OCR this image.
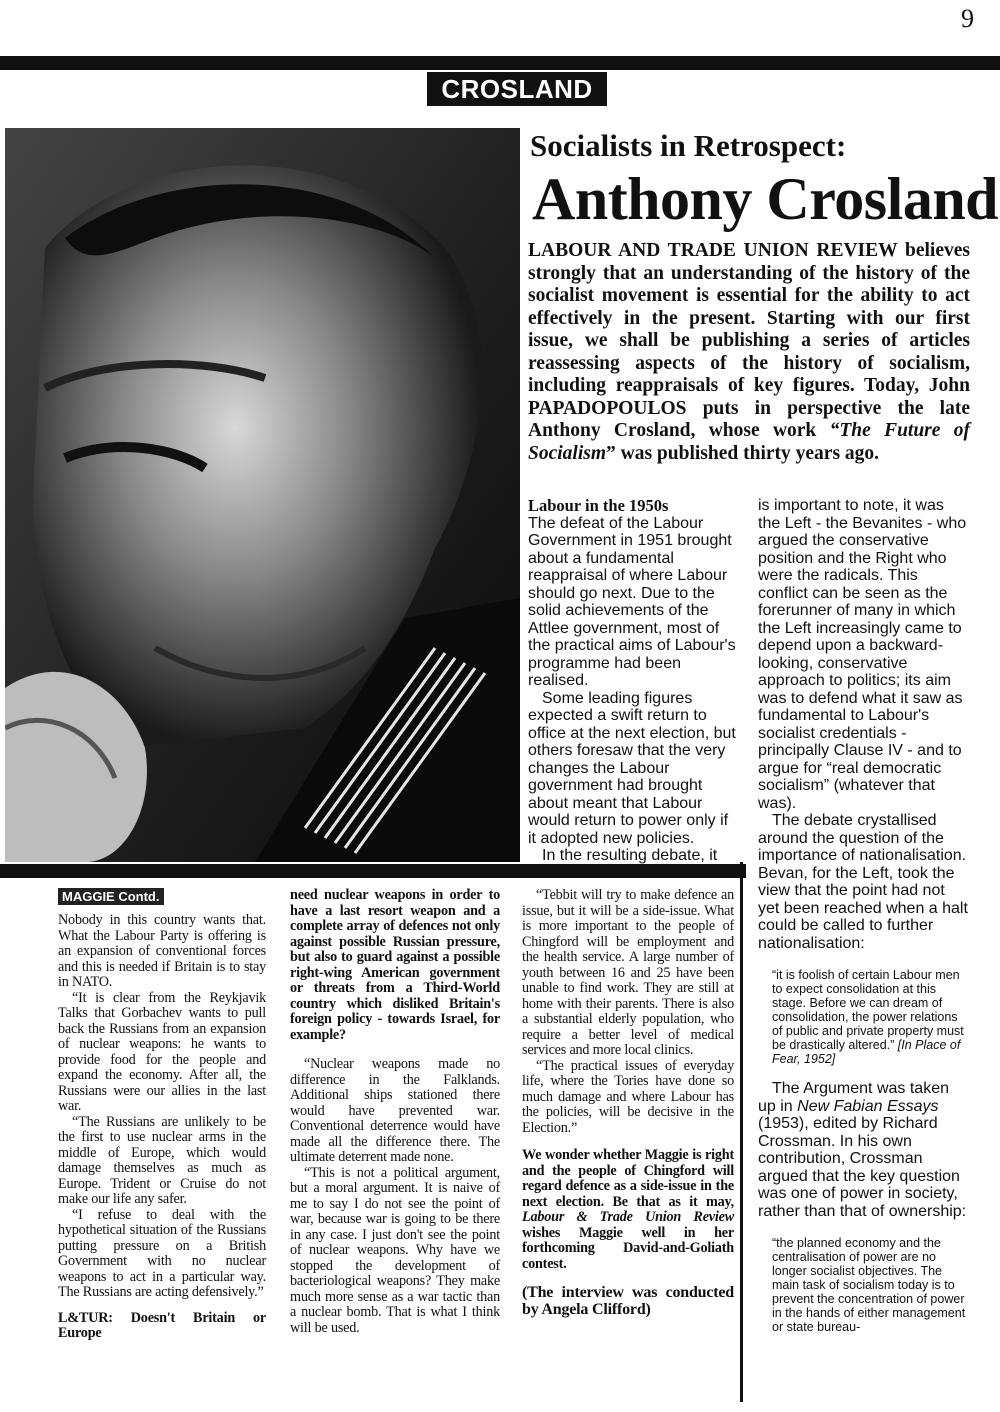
9
CROSLAND
Socialists in Retrospect:
Anthony Crosland
LABOUR AND TRADE UNION REVIEW believes strongly that an understanding of the history of the socialist movement is essential for the ability to act effectively in the present. Starting with our first issue, we shall be publishing a series of articles reassessing aspects of the history of socialism, including reappraisals of key figures. Today, John PAPADOPOULOS puts in perspective the late Anthony Crosland, whose work “The Future of Socialism” was published thirty years ago.

Labour in the 1950s

The defeat of the Labour Government in 1951 brought about a fundamental reappraisal of where Labour should go next. Due to the solid achievements of the Attlee government, most of the practical aims of Labour's programme had been realised.

Some leading figures expected a swift return to office at the next election, but others foresaw that the very changes the Labour government had brought about meant that Labour would return to power only if it adopted new policies.

In the resulting debate, it

is important to note, it was the Left - the Bevanites - who argued the conservative position and the Right who were the radicals. This conflict can be seen as the forerunner of many in which the Left increasingly came to depend upon a backward-looking, conservative approach to politics; its aim was to defend what it saw as fundamental to Labour's socialist credentials - principally Clause IV - and to argue for “real democratic socialism” (whatever that was).

The debate crystallised around the question of the importance of nationalisation. Bevan, for the Left, took the view that the point had not yet been reached when a halt could be called to further nationalisation:

“it is foolish of certain Labour men to expect consolidation at this stage. Before we can dream of consolidation, the power relations of public and private property must be drastically altered.” [In Place of Fear, 1952]

The Argument was taken up in New Fabian Essays (1953), edited by Richard Crossman. In his own contribution, Crossman argued that the key question was one of power in society, rather than that of ownership:

“the planned economy and the centralisation of power are no longer socialist objectives. The main task of socialism today is to prevent the concentration of power in the hands of either management or state bureau-

MAGGIE Contd.

Nobody in this country wants that. What the Labour Party is offering is an expansion of conventional forces and this is needed if Britain is to stay in NATO.

“It is clear from the Reykjavik Talks that Gorbachev wants to pull back the Russians from an expansion of nuclear weapons: he wants to provide food for the people and expand the economy. After all, the Russians were our allies in the last war.

“The Russians are unlikely to be the first to use nuclear arms in the middle of Europe, which would damage themselves as much as Europe. Trident or Cruise do not make our life any safer.

“I refuse to deal with the hypothetical situation of the Russians putting pressure on a British Government with no nuclear weapons to act in a particular way. The Russians are acting defensively.”

L&TUR: Doesn't Britain or Europe

need nuclear weapons in order to have a last resort weapon and a complete array of defences not only against possible Russian pressure, but also to guard against a possible right-wing American government or threats from a Third-World country which disliked Britain's foreign policy - towards Israel, for example?

“Nuclear weapons made no difference in the Falklands. Additional ships stationed there would have prevented war. Conventional deterrence would have made all the difference there. The ultimate deterrent made none.

“This is not a political argument, but a moral argument. It is naive of me to say I do not see the point of war, because war is going to be there in any case. I just don't see the point of nuclear weapons. Why have we stopped the development of bacteriological weapons? They make much more sense as a war tactic than a nuclear bomb. That is what I think will be used.

“Tebbit will try to make defence an issue, but it will be a side-issue. What is more important to the people of Chingford will be employment and the health service. A large number of youth between 16 and 25 have been unable to find work. They are still at home with their parents. There is also a substantial elderly population, who require a better level of medical services and more local clinics.

“The practical issues of everyday life, where the Tories have done so much damage and where Labour has the policies, will be decisive in the Election.”

We wonder whether Maggie is right and the people of Chingford will regard defence as a side-issue in the next election. Be that as it may, Labour & Trade Union Review wishes Maggie well in her forthcoming David-and-Goliath contest.

(The interview was conducted by Angela Clifford)
